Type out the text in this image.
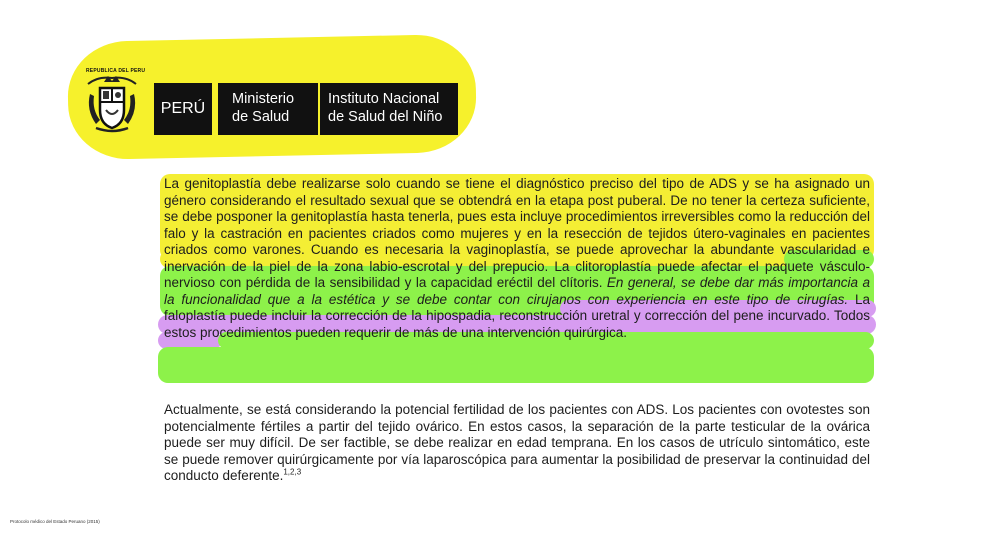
REPUBLICA DEL PERU
PERÚ
Ministerio
de Salud
Instituto Nacional
de Salud del Niño
La genitoplastía debe realizarse solo cuando se tiene el diagnóstico preciso del tipo de ADS y se ha asignado un género considerando el resultado sexual que se obtendrá en la etapa post puberal. De no tener la certeza suficiente, se debe posponer la genitoplastía hasta tenerla, pues esta incluye procedimientos irreversibles como la reducción del falo y la castración en pacientes criados como mujeres y en la resección de tejidos útero-vaginales en pacientes criados como varones. Cuando es necesaria la vaginoplastía, se puede aprovechar la abundante vascularidad e inervación de la piel de la zona labio-escrotal y del prepucio. La clitoroplastía puede afectar el paquete vásculo-nervioso con pérdida de la sensibilidad y la capacidad eréctil del clítoris. En general, se debe dar más importancia a la funcionalidad que a la estética y se debe contar con cirujanos con experiencia en este tipo de cirugías. La faloplastía puede incluir la corrección de la hipospadia, reconstrucción uretral y corrección del pene incurvado. Todos estos procedimientos pueden requerir de más de una intervención quirúrgica.
Actualmente, se está considerando la potencial fertilidad de los pacientes con ADS. Los pacientes con ovotestes son potencialmente fértiles a partir del tejido ovárico. En estos casos, la separación de la parte testicular de la ovárica puede ser muy difícil. De ser factible, se debe realizar en edad temprana. En los casos de utrículo sintomático, este se puede remover quirúrgicamente por vía laparoscópica para aumentar la posibilidad de preservar la continuidad del conducto deferente.$^{1,2,3}$
Protocolo médico del Estado Peruano (2015)
